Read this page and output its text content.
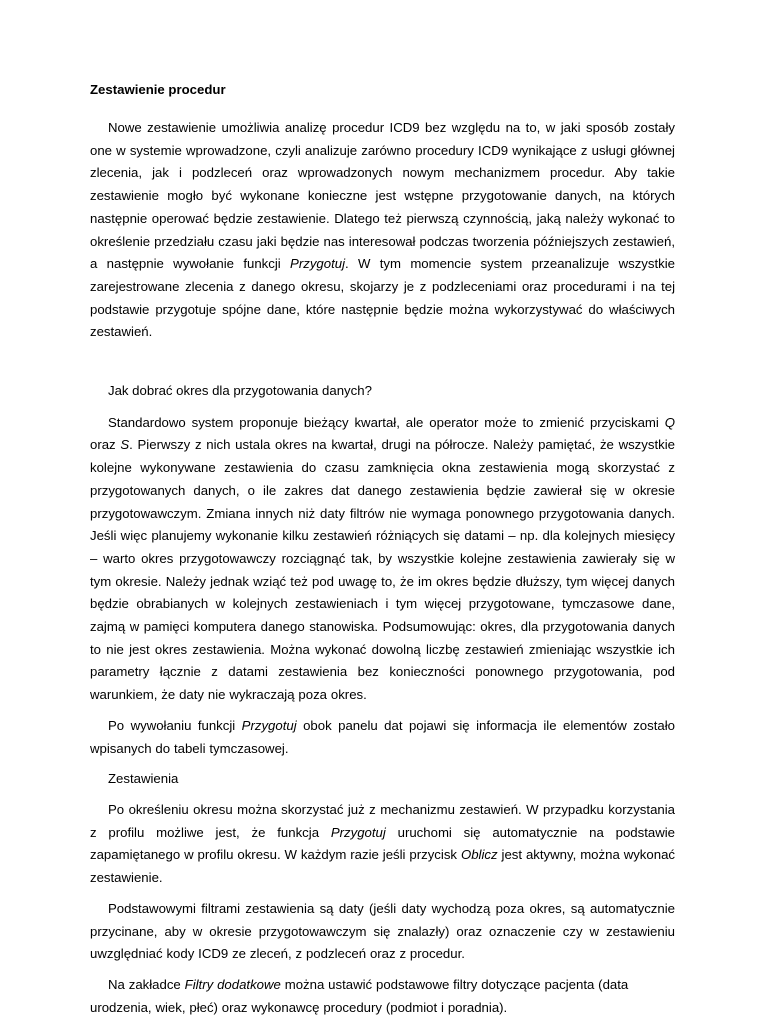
Zestawienie procedur

Nowe zestawienie umożliwia analizę procedur ICD9 bez względu na to, w jaki sposób zostały one w systemie wprowadzone, czyli analizuje zarówno procedury ICD9 wynikające z usługi głównej zlecenia, jak i podzleceń oraz wprowadzonych nowym mechanizmem procedur. Aby takie zestawienie mogło być wykonane konieczne jest wstępne przygotowanie danych, na których następnie operować będzie zestawienie. Dlatego też pierwszą czynnością, jaką należy wykonać to określenie przedziału czasu jaki będzie nas interesował podczas tworzenia późniejszych zestawień, a następnie wywołanie funkcji Przygotuj. W tym momencie system przeanalizuje wszystkie zarejestrowane zlecenia z danego okresu, skojarzy je z podzleceniami oraz procedurami i na tej podstawie przygotuje spójne dane, które następnie będzie można wykorzystywać do właściwych zestawień.

Jak dobrać okres dla przygotowania danych?

Standardowo system proponuje bieżący kwartał, ale operator może to zmienić przyciskami Q oraz S. Pierwszy z nich ustala okres na kwartał, drugi na półrocze. Należy pamiętać, że wszystkie kolejne wykonywane zestawienia do czasu zamknięcia okna zestawienia mogą skorzystać z przygotowanych danych, o ile zakres dat danego zestawienia będzie zawierał się w okresie przygotowawczym. Zmiana innych niż daty filtrów nie wymaga ponownego przygotowania danych. Jeśli więc planujemy wykonanie kilku zestawień różniących się datami – np. dla kolejnych miesięcy – warto okres przygotowawczy rozciągnąć tak, by wszystkie kolejne zestawienia zawierały się w tym okresie. Należy jednak wziąć też pod uwagę to, że im okres będzie dłuższy, tym więcej danych będzie obrabianych w kolejnych zestawieniach i tym więcej przygotowane, tymczasowe dane, zajmą w pamięci komputera danego stanowiska. Podsumowując: okres, dla przygotowania danych to nie jest okres zestawienia. Można wykonać dowolną liczbę zestawień zmieniając wszystkie ich parametry łącznie z datami zestawienia bez konieczności ponownego przygotowania, pod warunkiem, że daty nie wykraczają poza okres.

Po wywołaniu funkcji Przygotuj obok panelu dat pojawi się informacja ile elementów zostało wpisanych do tabeli tymczasowej.

Zestawienia

Po określeniu okresu można skorzystać już z mechanizmu zestawień. W przypadku korzystania z profilu możliwe jest, że funkcja Przygotuj uruchomi się automatycznie na podstawie zapamiętanego w profilu okresu. W każdym razie jeśli przycisk Oblicz jest aktywny, można wykonać zestawienie.

Podstawowymi filtrami zestawienia są daty (jeśli daty wychodzą poza okres, są automatycznie przycinane, aby w okresie przygotowawczym się znalazły) oraz oznaczenie czy w zestawieniu uwzględniać kody ICD9 ze zleceń, z podzleceń oraz z procedur.

Na zakładce Filtry dodatkowe można ustawić podstawowe filtry dotyczące pacjenta (data urodzenia, wiek, płeć) oraz wykonawcę procedury (podmiot i poradnia).
